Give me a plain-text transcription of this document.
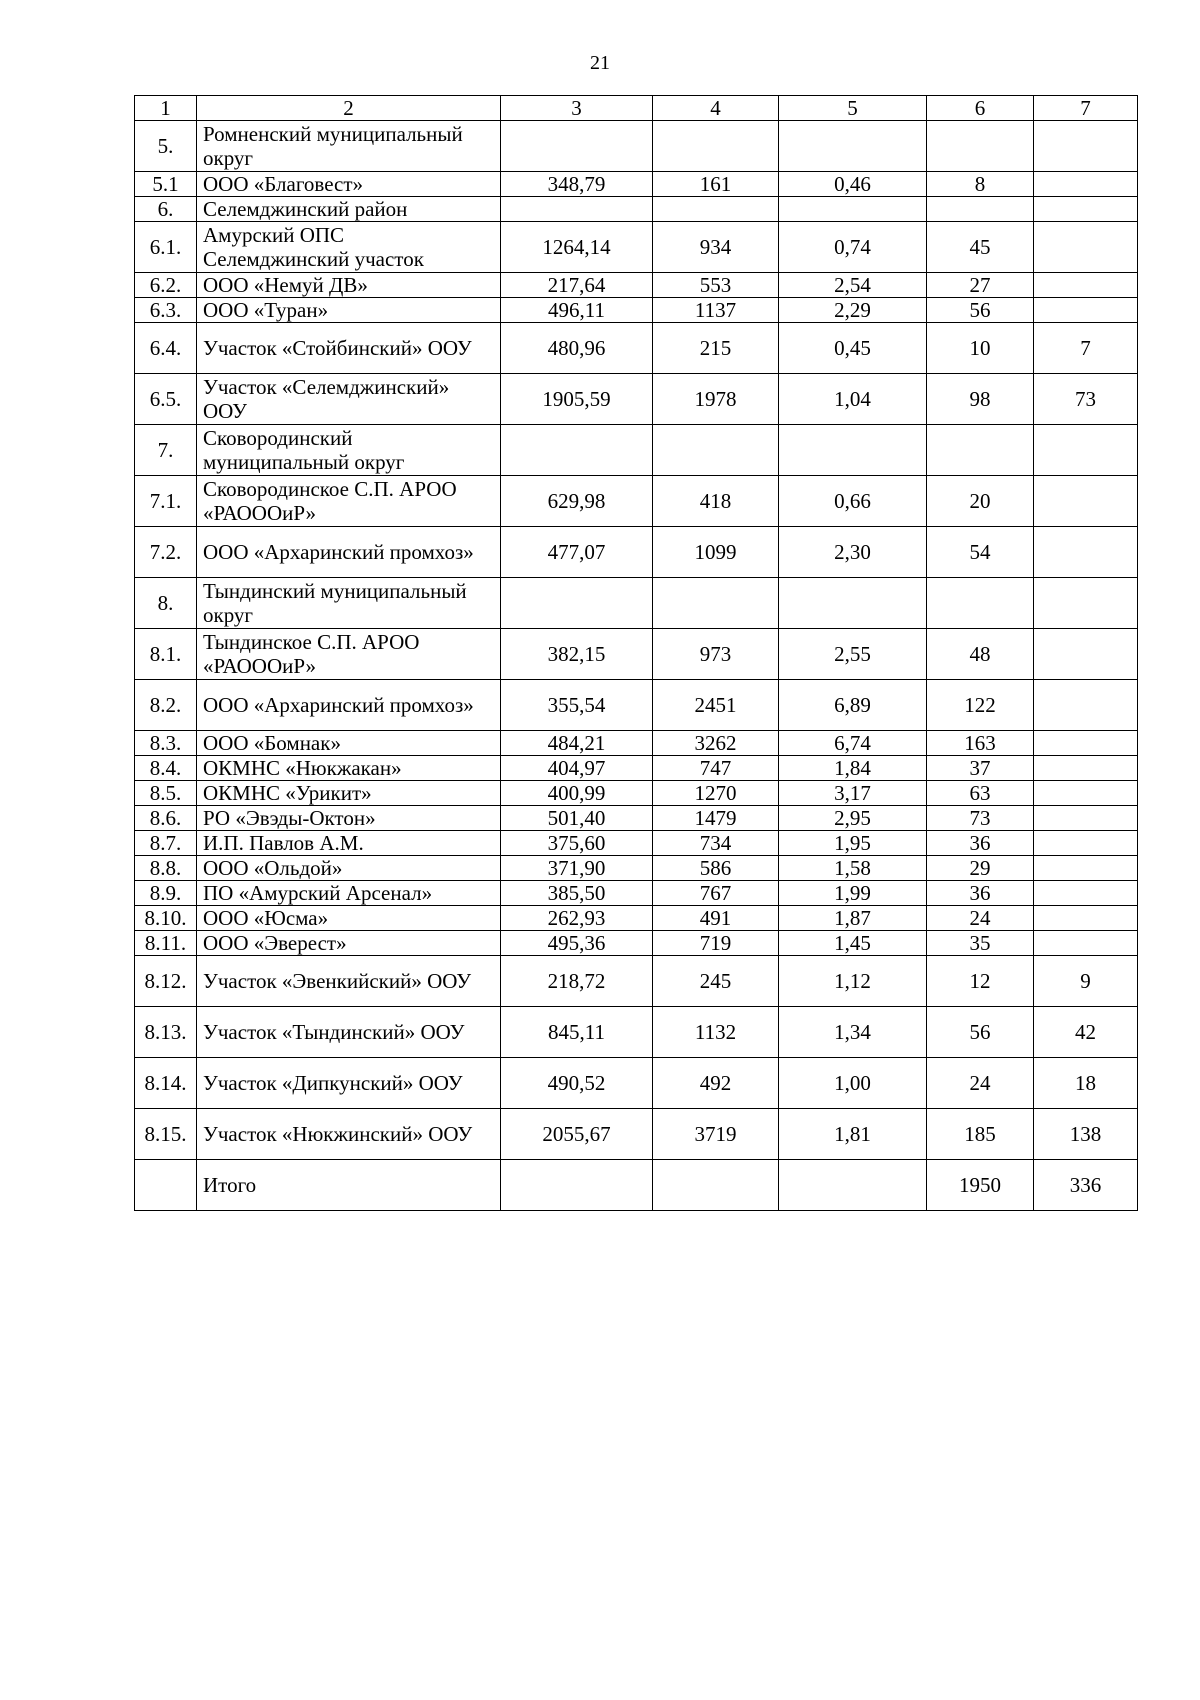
21
1	2	3	4	5	6	7
5.	Ромненский муниципальный округ					
5.1	ООО «Благовест»	348,79	161	0,46	8	
6.	Селемджинский район					
6.1.	Амурский ОПС Селемджинский участок	1264,14	934	0,74	45	
6.2.	ООО «Немуй ДВ»	217,64	553	2,54	27	
6.3.	ООО «Туран»	496,11	1137	2,29	56	
6.4.	Участок «Стойбинский» ООУ	480,96	215	0,45	10	7
6.5.	Участок «Селемджинский» ООУ	1905,59	1978	1,04	98	73
7.	Сковородинский муниципальный округ					
7.1.	Сковородинское С.П. АРОО «РАОООиР»	629,98	418	0,66	20	
7.2.	ООО «Архаринский промхоз»	477,07	1099	2,30	54	
8.	Тындинский муниципальный округ					
8.1.	Тындинское С.П. АРОО «РАОООиР»	382,15	973	2,55	48	
8.2.	ООО «Архаринский промхоз»	355,54	2451	6,89	122	
8.3.	ООО «Бомнак»	484,21	3262	6,74	163	
8.4.	ОКМНС «Нюкжакан»	404,97	747	1,84	37	
8.5.	ОКМНС «Урикит»	400,99	1270	3,17	63	
8.6.	РО «Эвэды-Октон»	501,40	1479	2,95	73	
8.7.	И.П. Павлов А.М.	375,60	734	1,95	36	
8.8.	ООО «Ольдой»	371,90	586	1,58	29	
8.9.	ПО «Амурский Арсенал»	385,50	767	1,99	36	
8.10.	ООО «Юсма»	262,93	491	1,87	24	
8.11.	ООО «Эверест»	495,36	719	1,45	35	
8.12.	Участок «Эвенкийский» ООУ	218,72	245	1,12	12	9
8.13.	Участок «Тындинский» ООУ	845,11	1132	1,34	56	42
8.14.	Участок «Дипкунский» ООУ	490,52	492	1,00	24	18
8.15.	Участок «Нюкжинский» ООУ	2055,67	3719	1,81	185	138
	Итого				1950	336
